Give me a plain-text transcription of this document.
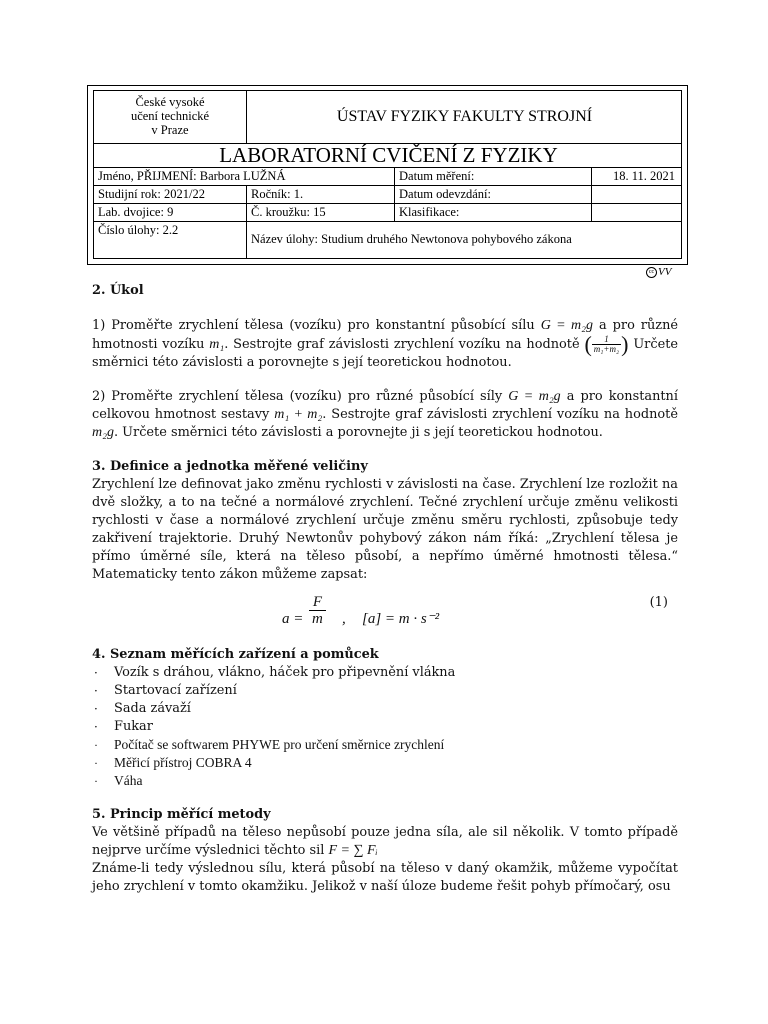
České vysoké
učení technické
v Praze
ÚSTAV FYZIKY FAKULTY STROJNÍ
LABORATORNÍ CVIČENÍ Z FYZIKY
Jméno, PŘIJMENÍ: Barbora LUŽNÁ	Datum měření:	18. 11. 2021
Studijní rok: 2021/22	Ročník: 1.	Datum odevzdání:
Lab. dvojice: 9	Č. kroužku: 15	Klasifikace:
Číslo úlohy: 2.2
Název úlohy: Studium druhého Newtonova pohybového zákona
cc VV

2. Úkol

1) Proměřte zrychlení tělesa (vozíku) pro konstantní působící sílu G = m₂g a pro různé hmotnosti vozíku m₁. Sestrojte graf závislosti zrychlení vozíku na hodnotě ( $\frac{1}{\text{m₁+m₂}}$ ) Určete směrnici této závislosti a porovnejte s její teoretickou hodnotou.

2) Proměřte zrychlení tělesa (vozíku) pro různé působící síly G = m₂g a pro konstantní celkovou hmotnost sestavy m₁ + m₂. Sestrojte graf závislosti zrychlení vozíku na hodnotě m₂g. Určete směrnici této závislosti a porovnejte ji s její teoretickou hodnotou.

3. Definice a jednotka měřené veličiny

Zrychlení lze definovat jako změnu rychlosti v závislosti na čase. Zrychlení lze rozložit na dvě složky, a to na tečné a normálové zrychlení. Tečné zrychlení určuje změnu velikosti rychlosti v čase a normálové zrychlení určuje změnu směru rychlosti, způsobuje tedy zakřivení trajektorie. Druhý Newtonův pohybový zákon nám říká: „Zrychlení tělesa je přímo úměrné síle, která na těleso působí, a nepřímo úměrné hmotnosti tělesa.“ Matematicky tento zákon můžeme zapsat:

a =
F
m , [a] = m · s⁻²
(1)

4. Seznam měřících zařízení a pomůcek

· Vozík s dráhou, vlákno, háček pro připevnění vlákna
· Startovací zařízení
· Sada závaží
· Fukar
· Počítač se softwarem PHYWE pro určení směrnice zrychlení
· Měřicí přístroj COBRA 4
· Váha

5. Princip měřící metody

Ve většině případů na těleso nepůsobí pouze jedna síla, ale sil několik. V tomto případě nejprve určíme výslednici těchto sil F = ∑ Fᵢ

Známe-li tedy výslednou sílu, která působí na těleso v daný okamžik, můžeme vypočítat jeho zrychlení v tomto okamžiku. Jelikož v naší úloze budeme řešit pohyb přímočarý, osu
